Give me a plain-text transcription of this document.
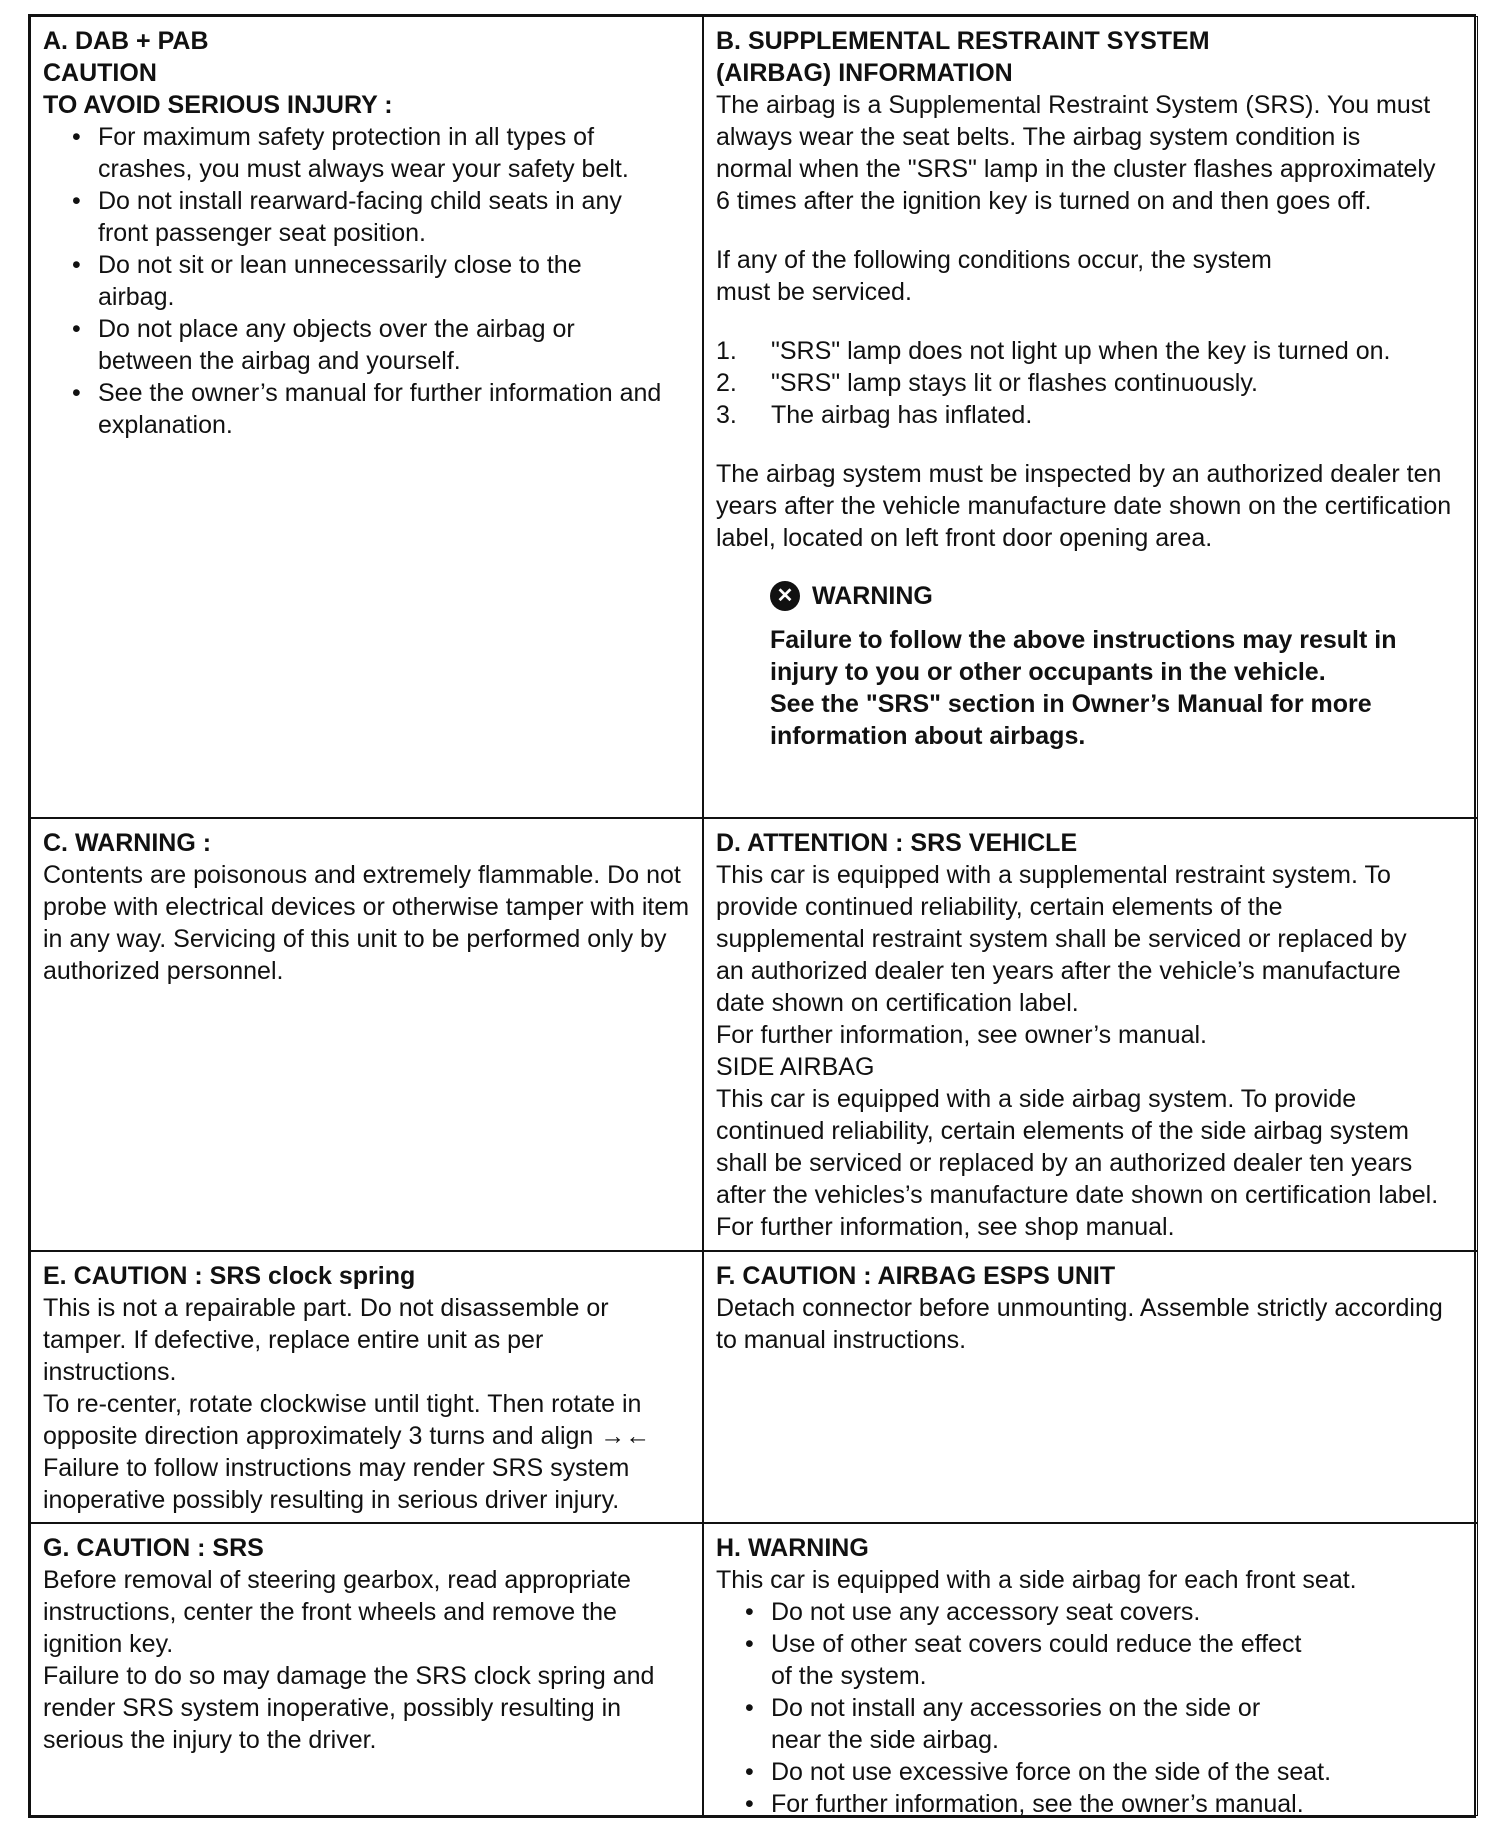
A. DAB + PAB

CAUTION

TO AVOID SERIOUS INJURY :

• For maximum safety protection in all types of crashes, you must always wear your safety belt.
• Do not install rearward-facing child seats in any front passenger seat position.
• Do not sit or lean unnecessarily close to the airbag.
• Do not place any objects over the airbag or between the airbag and yourself.
• See the owner’s manual for further information and explanation.

B. SUPPLEMENTAL RESTRAINT SYSTEM

(AIRBAG) INFORMATION

The airbag is a Supplemental Restraint System (SRS). You must always wear the seat belts. The airbag system condition is normal when the "SRS" lamp in the cluster flashes approximately 6 times after the ignition key is turned on and then goes off.

If any of the following conditions occur, the system must be serviced.

1. "SRS" lamp does not light up when the key is turned on.
2. "SRS" lamp stays lit or flashes continuously.
3. The airbag has inflated.

The airbag system must be inspected by an authorized dealer ten years after the vehicle manufacture date shown on the certification label, located on left front door opening area.

✕ WARNING

Failure to follow the above instructions may result in injury to you or other occupants in the vehicle.

See the "SRS" section in Owner’s Manual for more information about airbags.

C. WARNING :

Contents are poisonous and extremely flammable. Do not probe with electrical devices or otherwise tamper with item in any way. Servicing of this unit to be performed only by authorized personnel.

D. ATTENTION : SRS VEHICLE

This car is equipped with a supplemental restraint system. To provide continued reliability, certain elements of the supplemental restraint system shall be serviced or replaced by an authorized dealer ten years after the vehicle’s manufacture date shown on certification label.

For further information, see owner’s manual.

SIDE AIRBAG

This car is equipped with a side airbag system. To provide continued reliability, certain elements of the side airbag system shall be serviced or replaced by an authorized dealer ten years after the vehicles’s manufacture date shown on certification label. For further information, see shop manual.

E. CAUTION : SRS clock spring

This is not a repairable part. Do not disassemble or tamper. If defective, replace entire unit as per instructions.

To re-center, rotate clockwise until tight. Then rotate in opposite direction approximately 3 turns and align →←

Failure to follow instructions may render SRS system inoperative possibly resulting in serious driver injury.

F. CAUTION : AIRBAG ESPS UNIT

Detach connector before unmounting. Assemble strictly according to manual instructions.

G. CAUTION : SRS

Before removal of steering gearbox, read appropriate instructions, center the front wheels and remove the ignition key.

Failure to do so may damage the SRS clock spring and render SRS system inoperative, possibly resulting in serious the injury to the driver.

H. WARNING

This car is equipped with a side airbag for each front seat.

• Do not use any accessory seat covers.
• Use of other seat covers could reduce the effect of the system.
• Do not install any accessories on the side or near the side airbag.
• Do not use excessive force on the side of the seat.
• For further information, see the owner’s manual.
